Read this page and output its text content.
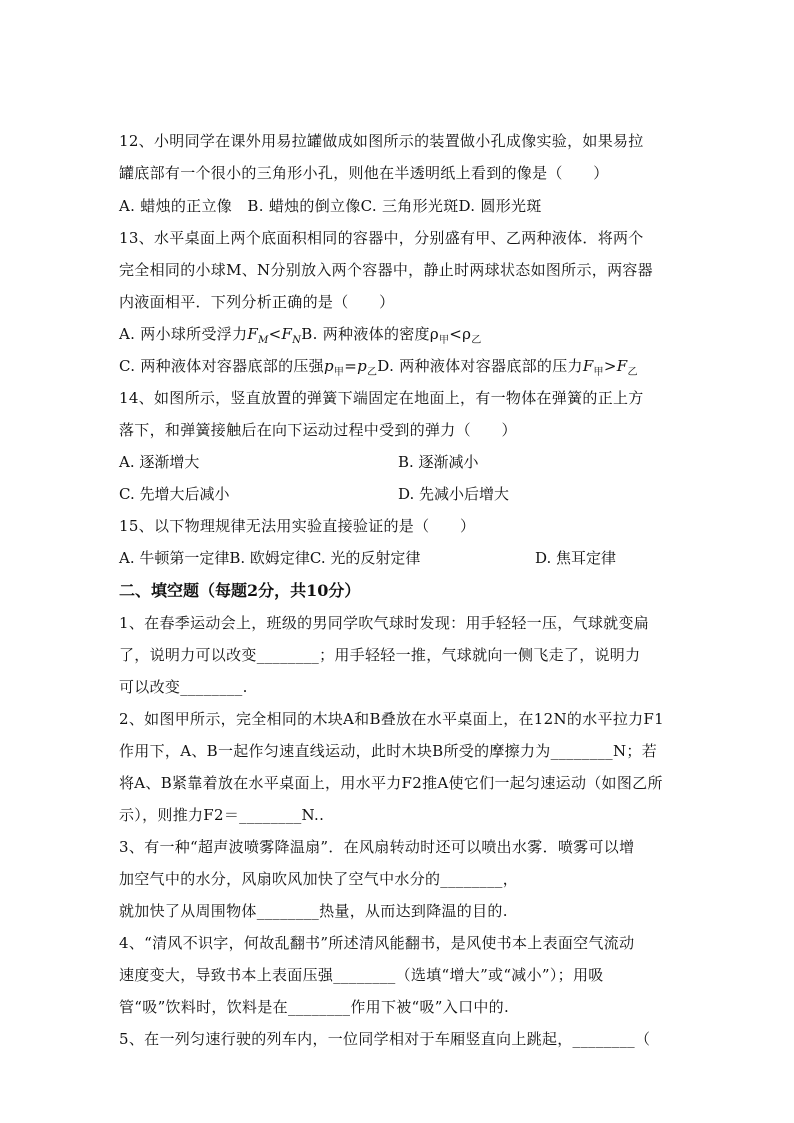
12、小明同学在课外用易拉罐做成如图所示的装置做小孔成像实验，如果易拉
罐底部有一个很小的三角形小孔，则他在半透明纸上看到的像是（　　）
A. 蜡烛的正立像　B. 蜡烛的倒立像C. 三角形光斑D. 圆形光斑
13、水平桌面上两个底面积相同的容器中，分别盛有甲、乙两种液体．将两个
完全相同的小球M、N分别放入两个容器中，静止时两球状态如图所示，两容器
内液面相平．下列分析正确的是（　　）
A. 两小球所受浮力$F_M<F_NB$. 两种液体的密度$\rho_甲<\rho_乙$
C. 两种液体对容器底部的压强$p_甲=p_乙D$. 两种液体对容器底部的压力$F_甲>F_乙$
14、如图所示，竖直放置的弹簧下端固定在地面上，有一物体在弹簧的正上方
落下，和弹簧接触后在向下运动过程中受到的弹力（　　）
A. 逐渐增大	B. 逐渐减小
C. 先增大后减小	D. 先减小后增大
15、以下物理规律无法用实验直接验证的是（　　）
A. 牛顿第一定律B. 欧姆定律C. 光的反射定律	D. 焦耳定律
二、填空题（每题2分，共10分）
1、在春季运动会上，班级的男同学吹气球时发现：用手轻轻一压，气球就变扁
了，说明力可以改变________；用手轻轻一推，气球就向一侧飞走了，说明力
可以改变________.
2、如图甲所示，完全相同的木块A和B叠放在水平桌面上，在12N的水平拉力F1
作用下，A、B一起作匀速直线运动，此时木块B所受的摩擦力为________N；若
将A、B紧靠着放在水平桌面上，用水平力F2推A使它们一起匀速运动（如图乙所
示），则推力F2＝________N..
3、有一种“超声波喷雾降温扇”．在风扇转动时还可以喷出水雾．喷雾可以增
加空气中的水分，风扇吹风加快了空气中水分的________，
就加快了从周围物体________热量，从而达到降温的目的.
4、“清风不识字，何故乱翻书”所述清风能翻书，是风使书本上表面空气流动
速度变大，导致书本上表面压强________（选填“增大”或“减小”）；用吸
管“吸”饮料时，饮料是在________作用下被“吸”入口中的.
5、在一列匀速行驶的列车内，一位同学相对于车厢竖直向上跳起，________（
